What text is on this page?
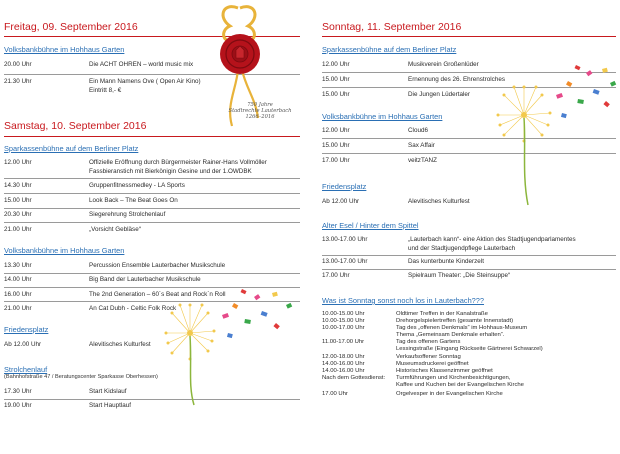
Freitag, 09. September 2016
Volksbankbühne im Hohhaus Garten
20.00 Uhr	Die ACHT OHREN – world music mix
21.30 Uhr	Ein Mann Namens Ove ( Open Air Kino)
Eintritt 8,- €
Samstag, 10. September 2016
Sparkassenbühne auf dem Berliner Platz
12.00 Uhr	Offizielle Eröffnung durch Bürgermeister Rainer-Hans Vollmöller
Fassbieranstich mit Bierkönigin Gesine und der 1.OWDBK
14.30 Uhr	Gruppenfitnessmedley - LA Sports
15.00 Uhr	Look Back – The Beat Goes On
20.30 Uhr	Siegerehrung Strolchenlauf
21.00 Uhr	„Vorsicht Gebläse“
Volksbankbühne im Hohhaus Garten
13.30 Uhr	Percussion Ensemble Lauterbacher Musikschule
14.00 Uhr	Big Band der Lauterbacher Musikschule
16.00 Uhr	The 2nd Generation – 60´s Beat and Rock´n Roll
21.00 Uhr	An Cat Dubh - Celtic Folk Rock
Friedensplatz
Ab 12.00 Uhr	Alevitisches Kulturfest
Strolchenlauf
(Bahnhofstraße 47 / Beratungscenter Sparkasse Oberhessen)
17.30 Uhr	Start Kidslauf
19.00 Uhr	Start Hauptlauf
750 Jahre
Stadtrechte Lauterbach
1266–2016
Sonntag, 11. September 2016
Sparkassenbühne auf dem Berliner Platz
12.00 Uhr	Musikverein Großenlüder
15.00 Uhr	Ernennung des 26. Ehrenstrolches
15.00 Uhr	Die Jungen Lüdertaler
Volksbankbühne im Hohhaus Garten
12.00 Uhr	Cloud6
15.00 Uhr	Sax Affair
17.00 Uhr	veitzTANZ
Friedensplatz
Ab 12.00 Uhr	Alevitisches Kulturfest
Alter Esel / Hinter dem Spittel
13.00-17.00 Uhr	„Lauterbach kann“- eine Aktion des Stadtjugendparlamentes
und der Stadtjugendpflege Lauterbach
13.00-17.00 Uhr	Das kunterbunte Kinderzelt
17.00 Uhr	Spielraum Theater: „Die Steinsuppe“
Was ist Sonntag sonst noch los in Lauterbach???
10.00-15.00 Uhr	Oldtimer Treffen in der Kanalstraße
10.00-15.00 Uhr	Drehorgelspielertreffen (gesamte Innenstadt)
10.00-17.00 Uhr	Tag des „offenen Denkmals“ im Hohhaus-Museum
Thema „Gemeinsam Denkmale erhalten“.
11.00-17.00 Uhr	Tag des offenen Gartens
Lessingstraße (Eingang Rückseite Gärtnerei Schwarzel)
12.00-18.00 Uhr	Verkaufsoffener Sonntag
14.00-16.00 Uhr	Museumsdruckerei geöffnet
14.00-16.00 Uhr	Historisches Klassenzimmer geöffnet
Nach dem Gottesdienst: Turmführungen und Kirchenbesichtigungen,
Kaffee und Kuchen bei der Evangelischen Kirche
17.00 Uhr	Orgelvesper in der Evangelischen Kirche
